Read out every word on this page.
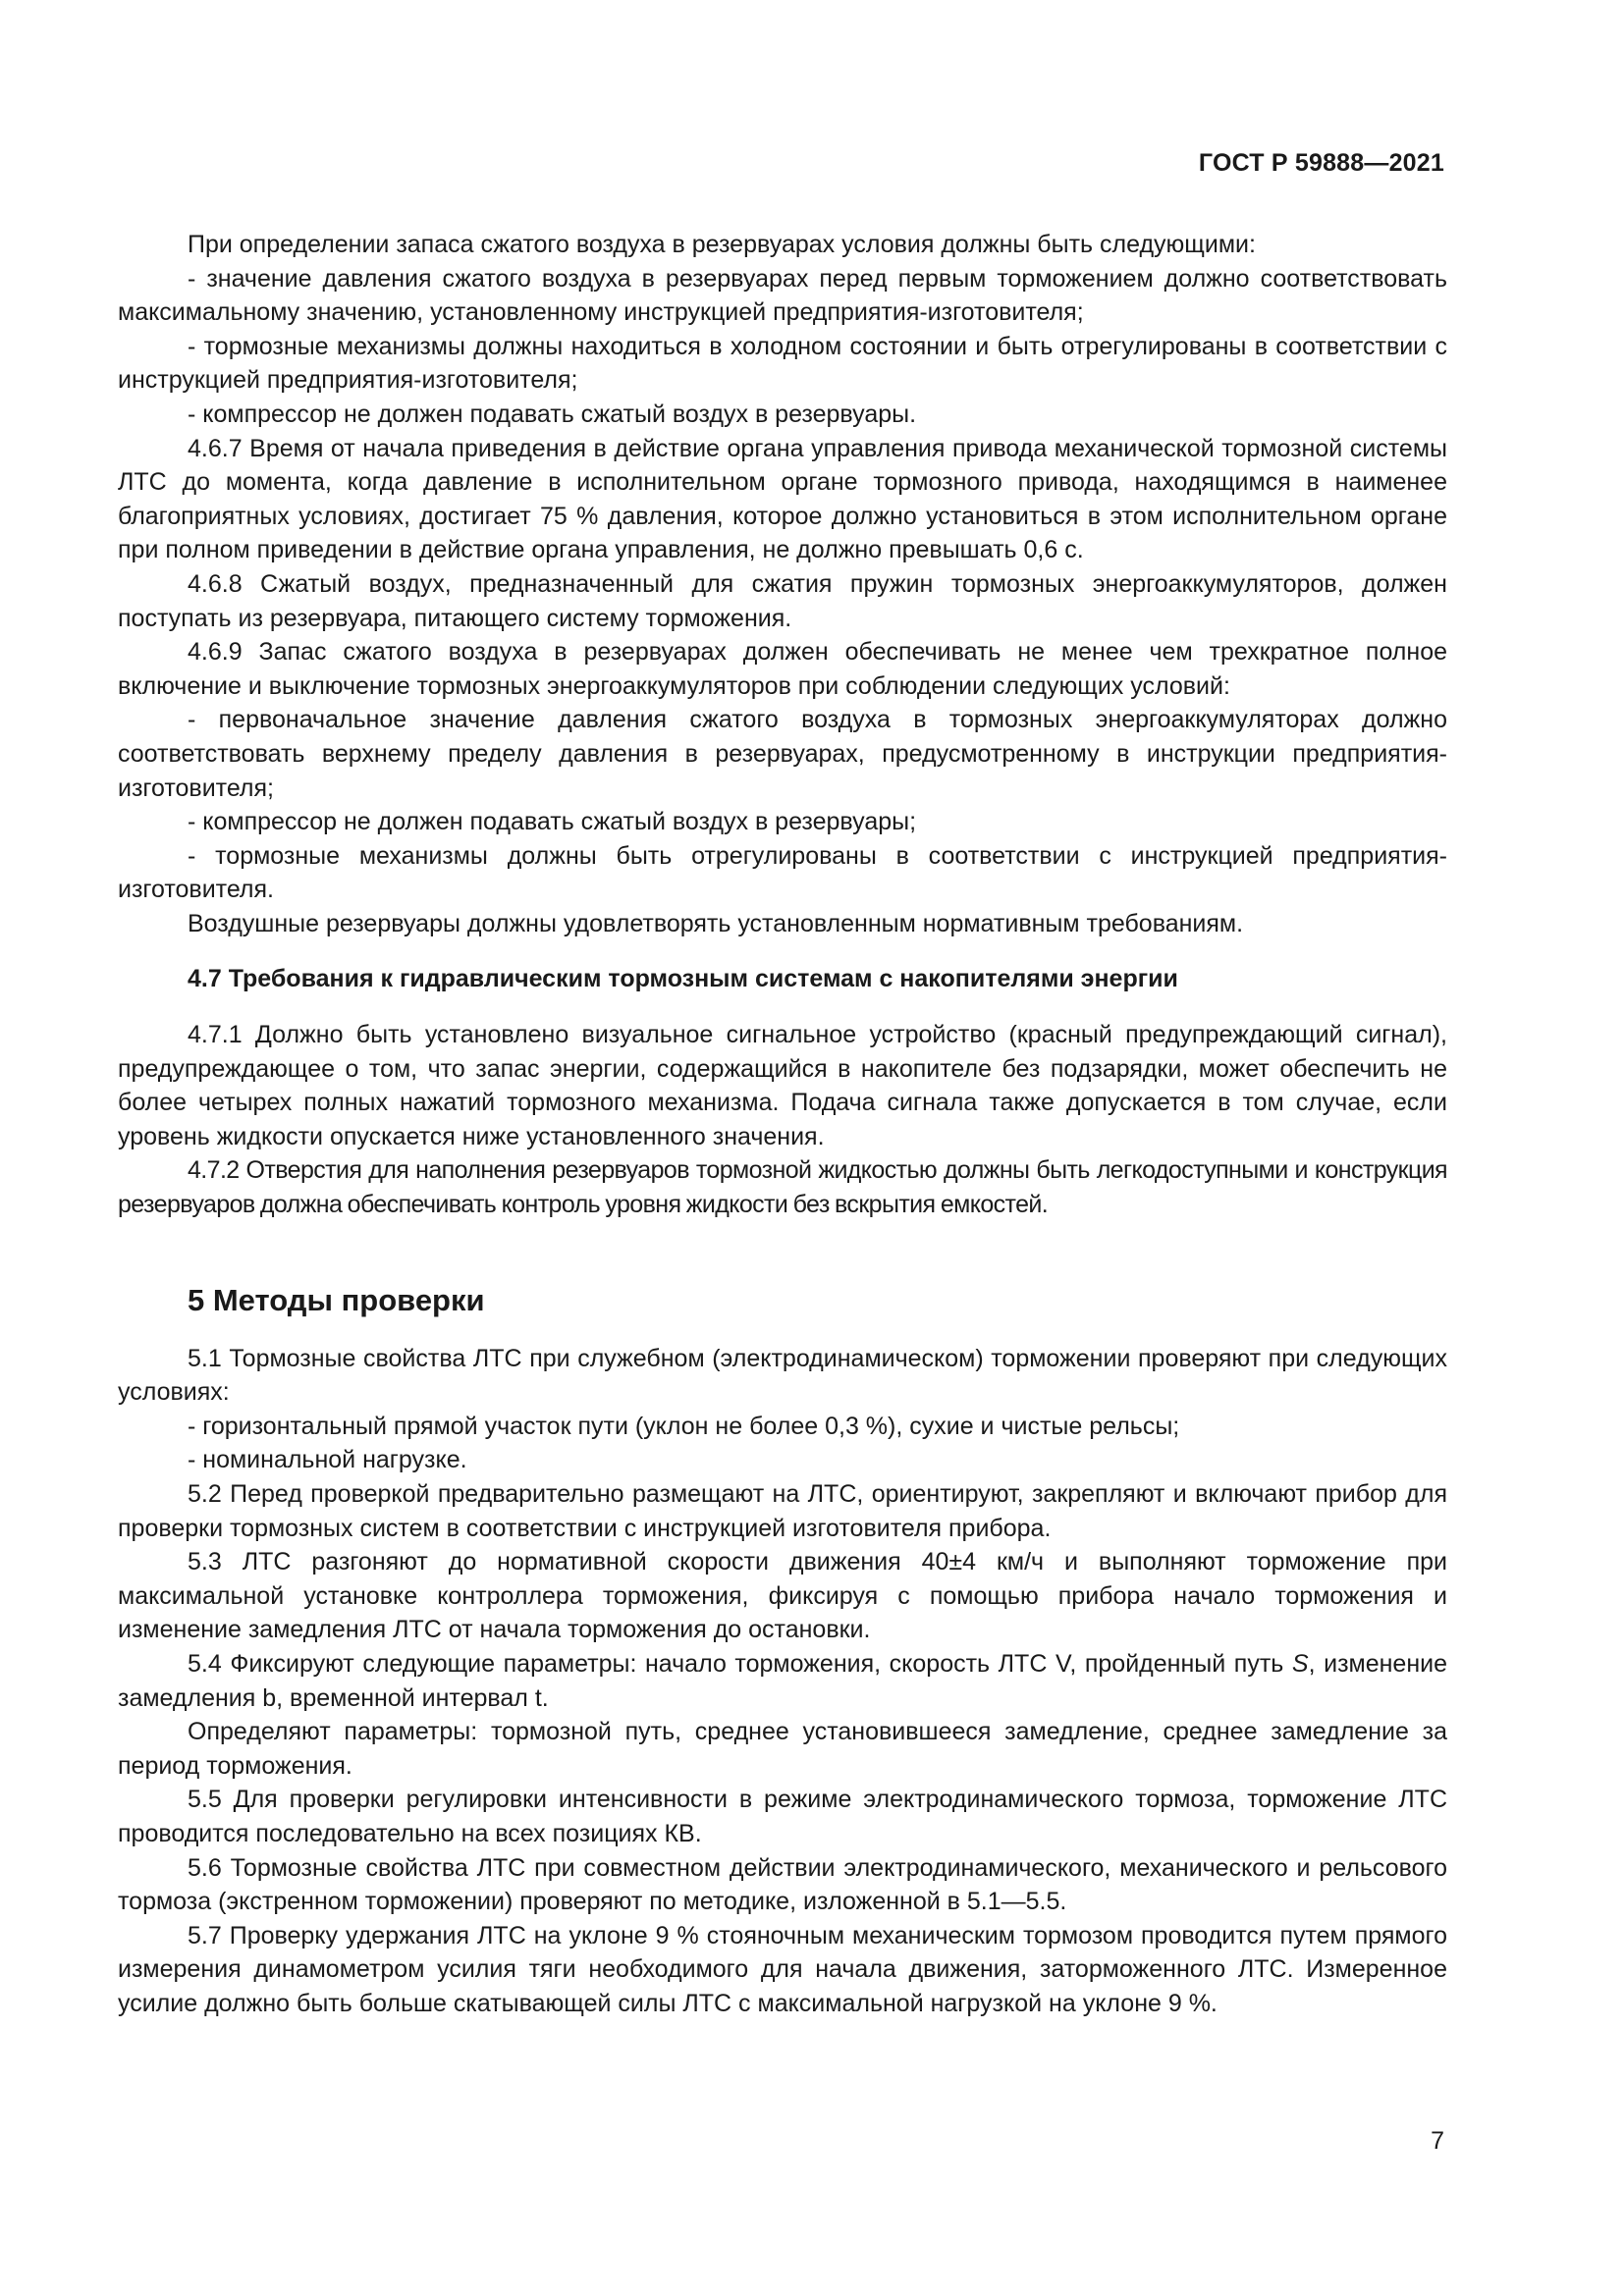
ГОСТ Р 59888—2021

При определении запаса сжатого воздуха в резервуарах условия должны быть следующими:

- значение давления сжатого воздуха в резервуарах перед первым торможением должно соответствовать максимальному значению, установленному инструкцией предприятия-изготовителя;

- тормозные механизмы должны находиться в холодном состоянии и быть отрегулированы в соответствии с инструкцией предприятия-изготовителя;

- компрессор не должен подавать сжатый воздух в резервуары.

4.6.7 Время от начала приведения в действие органа управления привода механической тормозной системы ЛТС до момента, когда давление в исполнительном органе тормозного привода, находящимся в наименее благоприятных условиях, достигает 75 % давления, которое должно установиться в этом исполнительном органе при полном приведении в действие органа управления, не должно превышать 0,6 с.

4.6.8 Сжатый воздух, предназначенный для сжатия пружин тормозных энергоаккумуляторов, должен поступать из резервуара, питающего систему торможения.

4.6.9 Запас сжатого воздуха в резервуарах должен обеспечивать не менее чем трехкратное полное включение и выключение тормозных энергоаккумуляторов при соблюдении следующих условий:

- первоначальное значение давления сжатого воздуха в тормозных энергоаккумуляторах должно соответствовать верхнему пределу давления в резервуарах, предусмотренному в инструкции предприятия-изготовителя;

- компрессор не должен подавать сжатый воздух в резервуары;

- тормозные механизмы должны быть отрегулированы в соответствии с инструкцией предприятия-изготовителя.

Воздушные резервуары должны удовлетворять установленным нормативным требованиям.

4.7 Требования к гидравлическим тормозным системам с накопителями энергии

4.7.1 Должно быть установлено визуальное сигнальное устройство (красный предупреждающий сигнал), предупреждающее о том, что запас энергии, содержащийся в накопителе без подзарядки, может обеспечить не более четырех полных нажатий тормозного механизма. Подача сигнала также допускается в том случае, если уровень жидкости опускается ниже установленного значения.

4.7.2 Отверстия для наполнения резервуаров тормозной жидкостью должны быть легкодоступными и конструкция резервуаров должна обеспечивать контроль уровня жидкости без вскрытия емкостей.

5 Методы проверки

5.1 Тормозные свойства ЛТС при служебном (электродинамическом) торможении проверяют при следующих условиях:

- горизонтальный прямой участок пути (уклон не более 0,3 %), сухие и чистые рельсы;

- номинальной нагрузке.

5.2 Перед проверкой предварительно размещают на ЛТС, ориентируют, закрепляют и включают прибор для проверки тормозных систем в соответствии с инструкцией изготовителя прибора.

5.3 ЛТС разгоняют до нормативной скорости движения 40±4 км/ч и выполняют торможение при максимальной установке контроллера торможения, фиксируя с помощью прибора начало торможения и изменение замедления ЛТС от начала торможения до остановки.

5.4 Фиксируют следующие параметры: начало торможения, скорость ЛТС V, пройденный путь S, изменение замедления b, временной интервал t.

Определяют параметры: тормозной путь, среднее установившееся замедление, среднее замедление за период торможения.

5.5 Для проверки регулировки интенсивности в режиме электродинамического тормоза, торможение ЛТС проводится последовательно на всех позициях КВ.

5.6 Тормозные свойства ЛТС при совместном действии электродинамического, механического и рельсового тормоза (экстренном торможении) проверяют по методике, изложенной в 5.1—5.5.

5.7 Проверку удержания ЛТС на уклоне 9 % стояночным механическим тормозом проводится путем прямого измерения динамометром усилия тяги необходимого для начала движения, заторможенного ЛТС. Измеренное усилие должно быть больше скатывающей силы ЛТС с максимальной нагрузкой на уклоне 9 %.

7
